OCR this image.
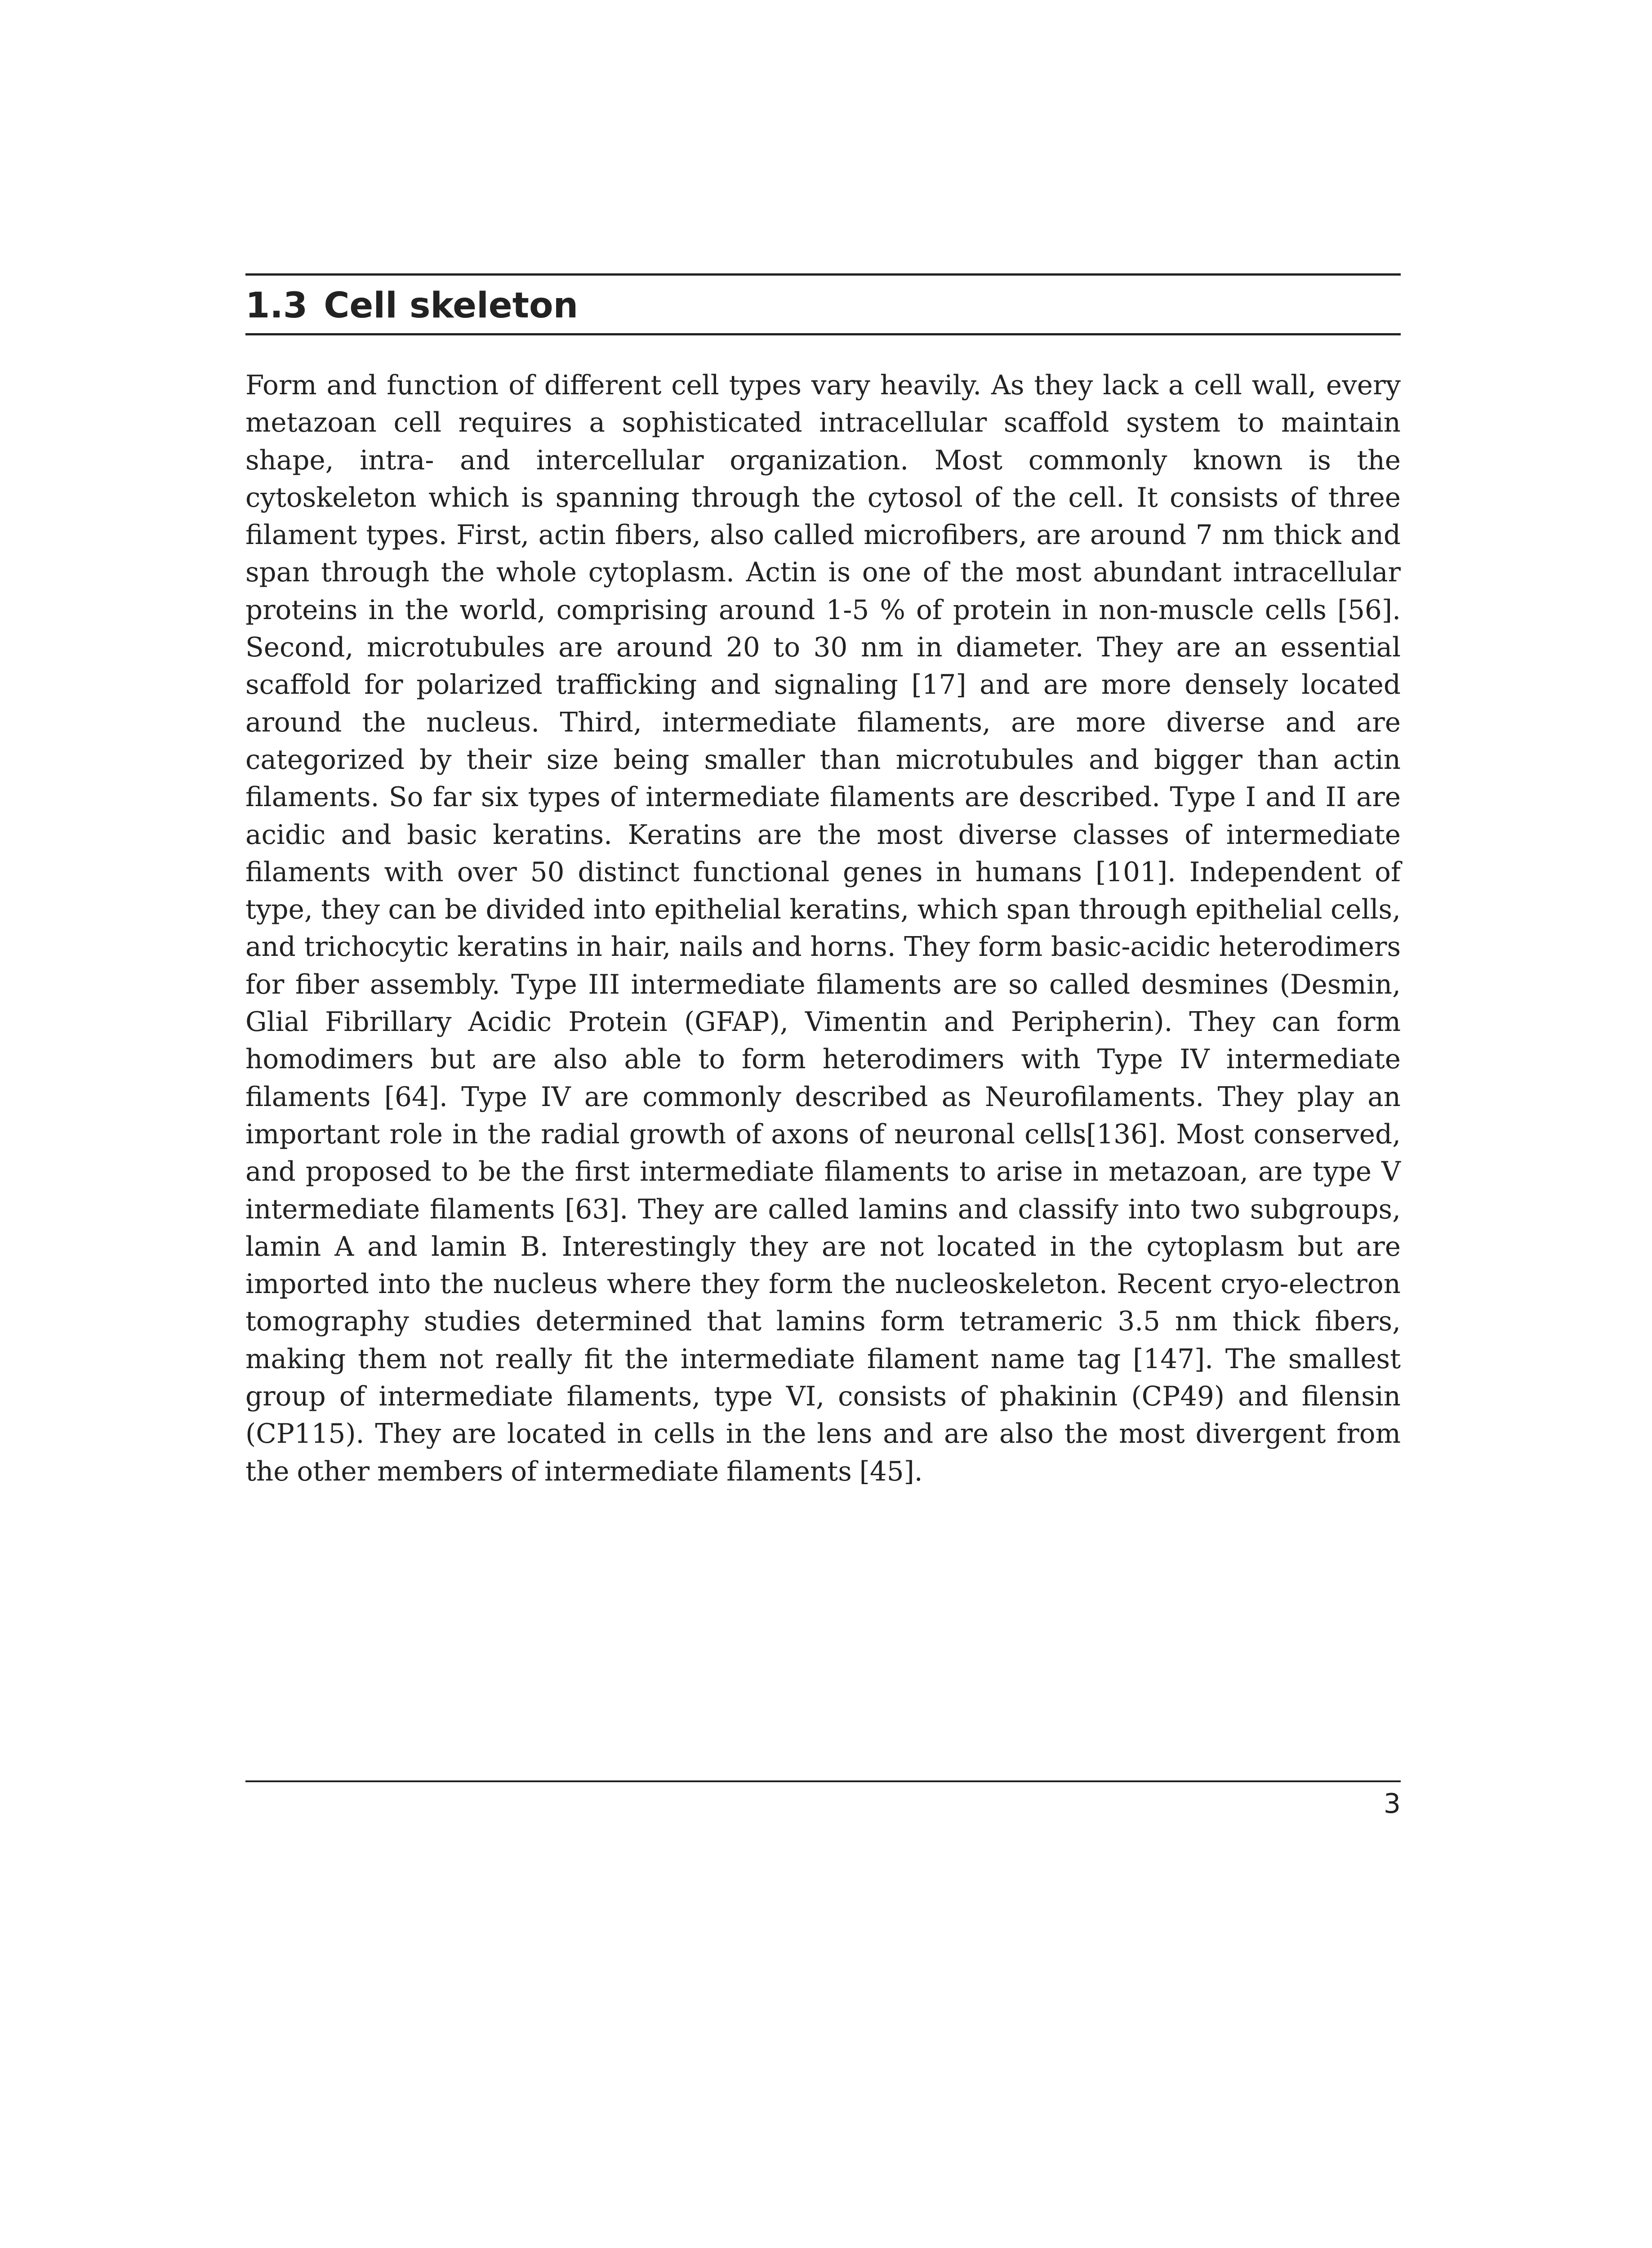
1.3 Cell skeleton

Form and function of different cell types vary heavily. As they lack a cell wall, every metazoan cell requires a sophisticated intracellular scaffold system to maintain shape, intra- and intercellular organization. Most commonly known is the cytoskeleton which is spanning through the cytosol of the cell. It consists of three filament types. First, actin fibers, also called microfibers, are around 7 nm thick and span through the whole cytoplasm. Actin is one of the most abundant intracellular proteins in the world, comprising around 1-5 % of protein in non-muscle cells [56]. Second, microtubules are around 20 to 30 nm in diameter. They are an essential scaffold for polarized trafficking and signaling [17] and are more densely located around the nucleus. Third, intermediate filaments, are more diverse and are categorized by their size being smaller than microtubules and bigger than actin filaments. So far six types of intermediate filaments are described. Type I and II are acidic and basic keratins. Keratins are the most diverse classes of intermediate filaments with over 50 distinct functional genes in humans [101]. Independent of type, they can be divided into epithelial keratins, which span through epithelial cells, and trichocytic keratins in hair, nails and horns. They form basic-acidic heterodimers for fiber assembly. Type III intermediate filaments are so called desmines (Desmin, Glial Fibrillary Acidic Protein (GFAP), Vimentin and Peripherin). They can form homodimers but are also able to form heterodimers with Type IV intermediate filaments [64]. Type IV are commonly described as Neurofilaments. They play an important role in the radial growth of axons of neuronal cells[136]. Most conserved, and proposed to be the first intermediate filaments to arise in metazoan, are type V intermediate filaments [63]. They are called lamins and classify into two subgroups, lamin A and lamin B. Interestingly they are not located in the cytoplasm but are imported into the nucleus where they form the nucleoskeleton. Recent cryo-electron tomography studies determined that lamins form tetrameric 3.5 nm thick fibers, making them not really fit the intermediate filament name tag [147]. The smallest group of intermediate filaments, type VI, consists of phakinin (CP49) and filensin (CP115). They are located in cells in the lens and are also the most divergent from the other members of intermediate filaments [45].

3
